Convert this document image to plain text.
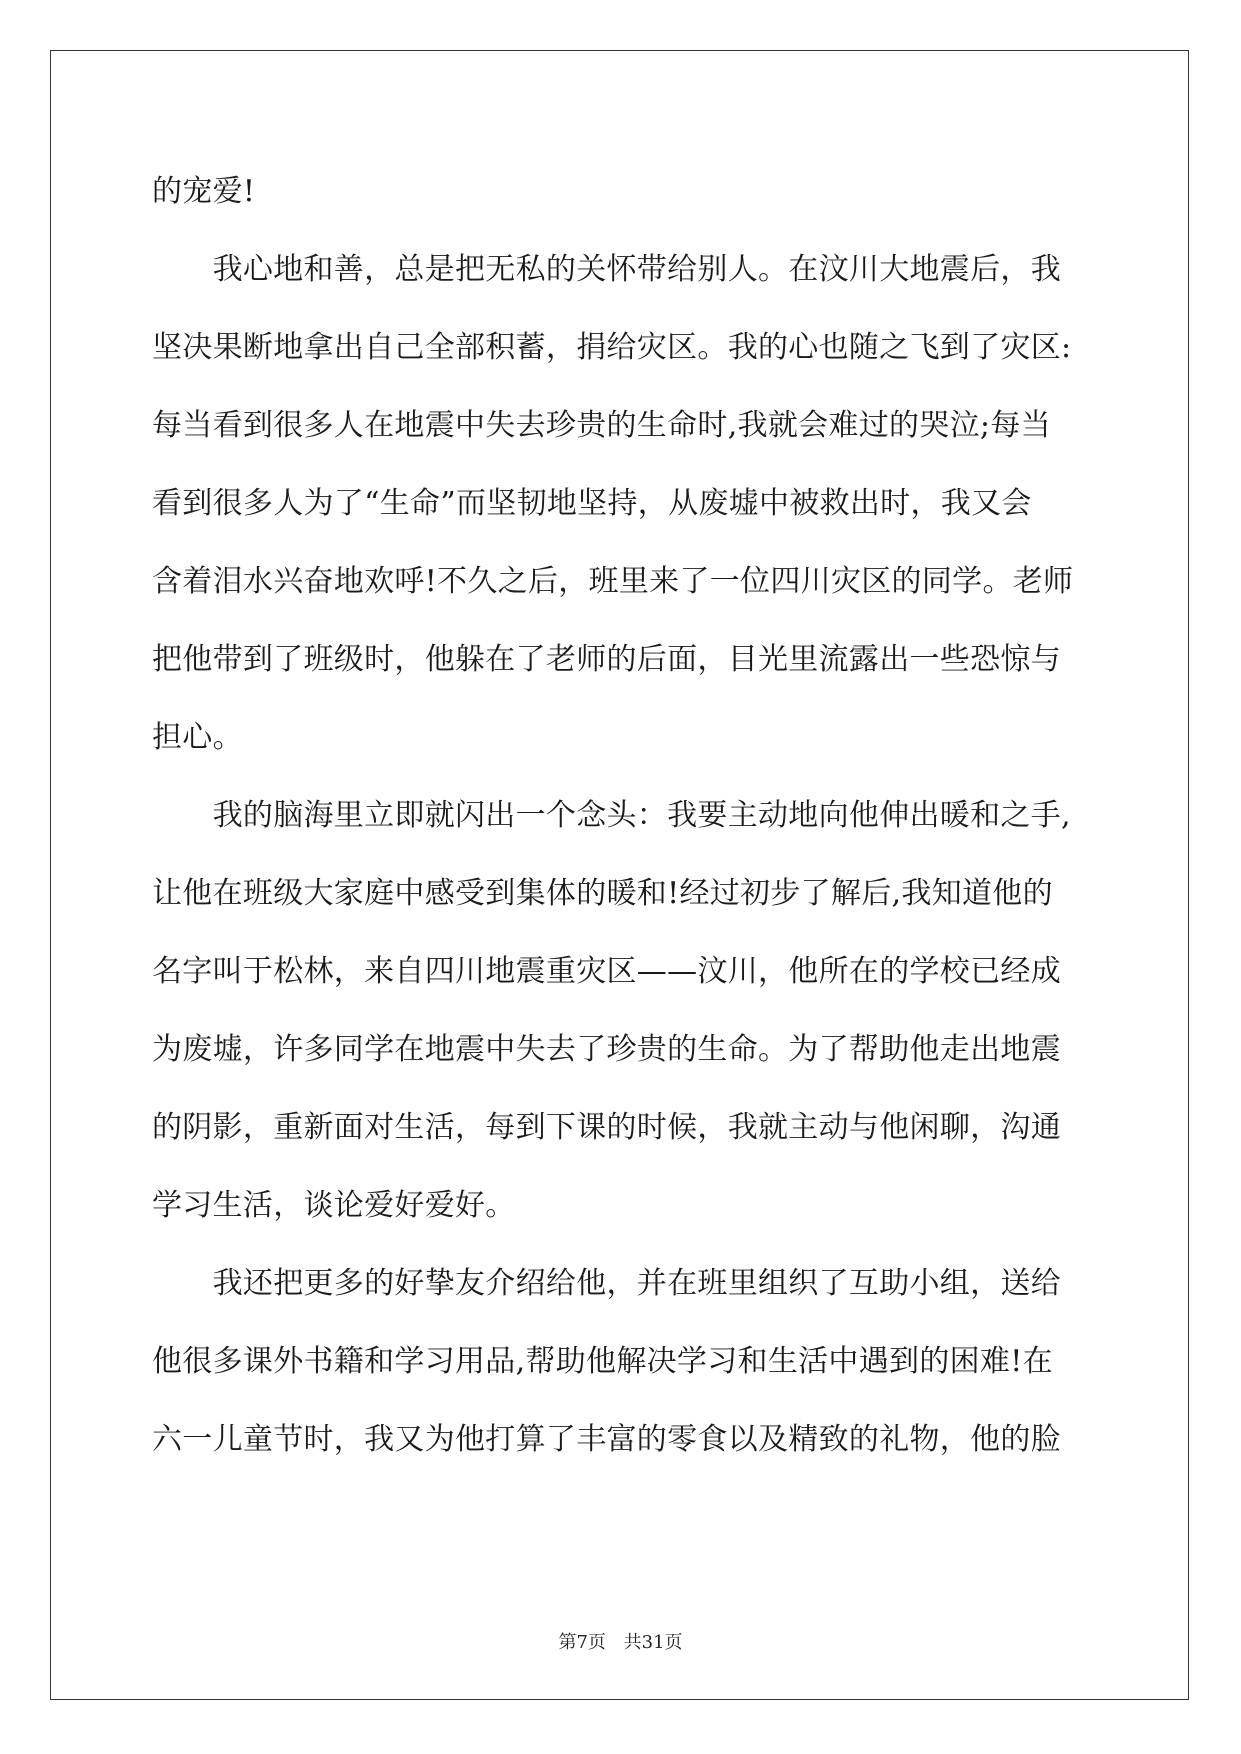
的宠爱!
　　我心地和善，总是把无私的关怀带给别人。在汶川大地震后，我
坚决果断地拿出自己全部积蓄，捐给灾区。我的心也随之飞到了灾区:
每当看到很多人在地震中失去珍贵的生命时,我就会难过的哭泣;每当
看到很多人为了“生命”而坚韧地坚持，从废墟中被救出时，我又会
含着泪水兴奋地欢呼!不久之后，班里来了一位四川灾区的同学。老师
把他带到了班级时，他躲在了老师的后面，目光里流露出一些恐惊与
担心。
　　我的脑海里立即就闪出一个念头：我要主动地向他伸出暖和之手,
让他在班级大家庭中感受到集体的暖和!经过初步了解后,我知道他的
名字叫于松林，来自四川地震重灾区——汶川，他所在的学校已经成
为废墟，许多同学在地震中失去了珍贵的生命。为了帮助他走出地震
的阴影，重新面对生活，每到下课的时候，我就主动与他闲聊，沟通
学习生活，谈论爱好爱好。
　　我还把更多的好挚友介绍给他，并在班里组织了互助小组，送给
他很多课外书籍和学习用品,帮助他解决学习和生活中遇到的困难!在
六一儿童节时，我又为他打算了丰富的零食以及精致的礼物，他的脸
第7页 共31页
